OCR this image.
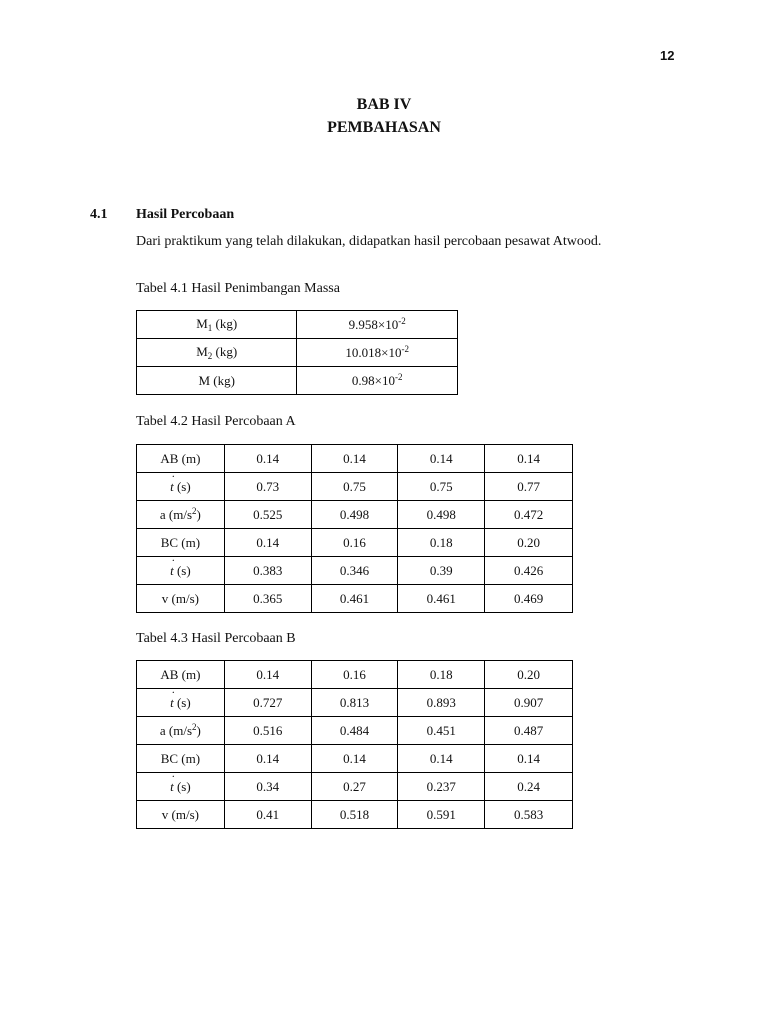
12
BAB IV
PEMBAHASAN
4.1 Hasil Percobaan
Dari praktikum yang telah dilakukan, didapatkan hasil percobaan pesawat Atwood.
Tabel 4.1 Hasil Penimbangan Massa
$M_1$ (kg)	$9.958\times 10^{-2}$
$M_2$ (kg)	$10.018\times 10^{-2}$
M (kg)	$0.98\times 10^{-2}$
Tabel 4.2 Hasil Percobaan A
AB (m)	0.14	0.14	0.14	0.14
t ˙ (s)	0.73	0.75	0.75	0.77
a $(m/s^2)$	0.525	0.498	0.498	0.472
BC (m)	0.14	0.16	0.18	0.20
t ˙ (s)	0.383	0.346	0.39	0.426
v (m/s)	0.365	0.461	0.461	0.469
Tabel 4.3 Hasil Percobaan B
AB (m)	0.14	0.16	0.18	0.20
t ˙ (s)	0.727	0.813	0.893	0.907
a $(m/s^2)$	0.516	0.484	0.451	0.487
BC (m)	0.14	0.14	0.14	0.14
t ˙ (s)	0.34	0.27	0.237	0.24
v (m/s)	0.41	0.518	0.591	0.583
